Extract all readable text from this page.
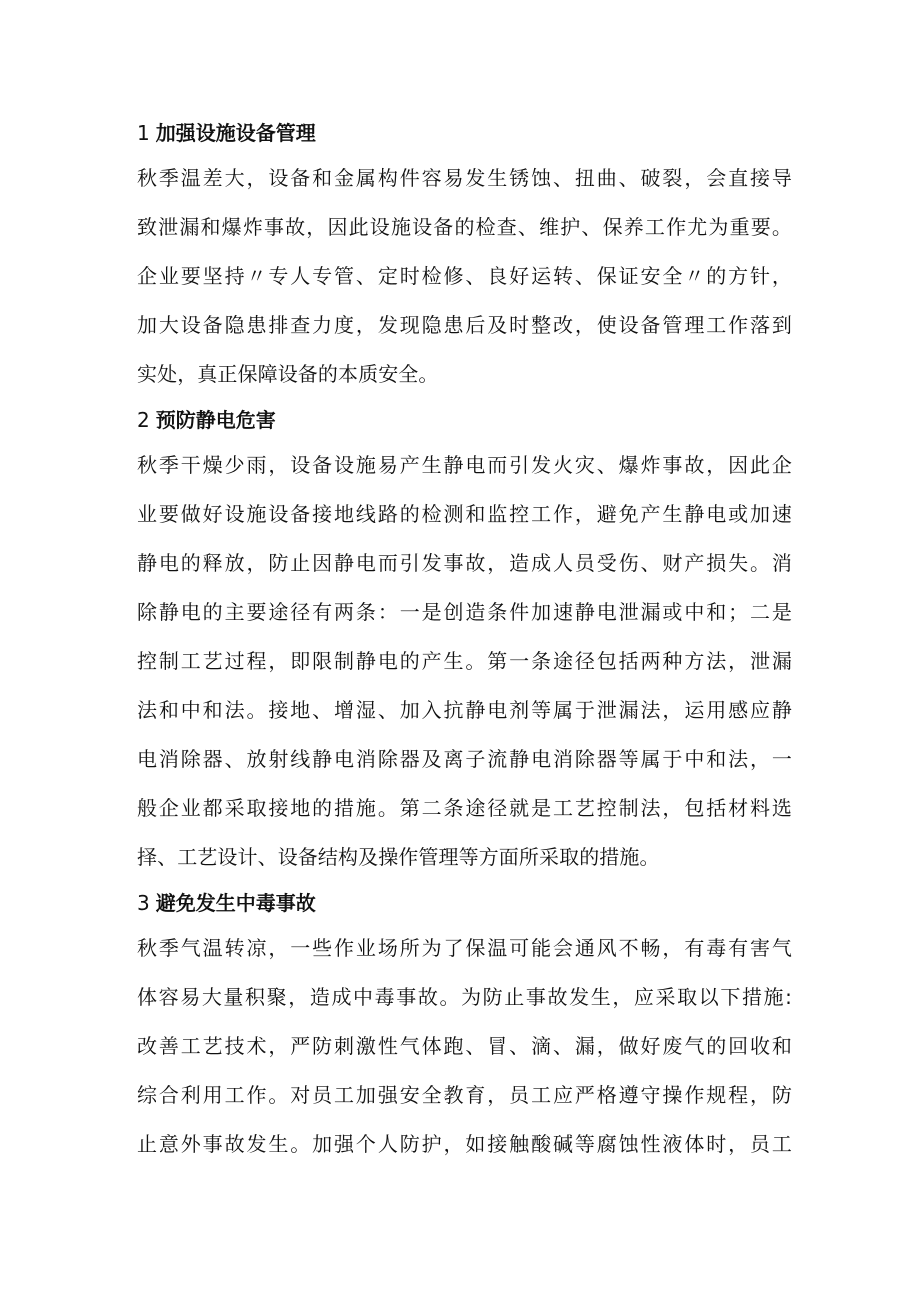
1 加强设施设备管理
秋季温差大，设备和金属构件容易发生锈蚀、扭曲、破裂，会直接导
致泄漏和爆炸事故，因此设施设备的检查、维护、保养工作尤为重要。
企业要坚持〃专人专管、定时检修、良好运转、保证安全〃的方针，
加大设备隐患排查力度，发现隐患后及时整改，使设备管理工作落到
实处，真正保障设备的本质安全。
2 预防静电危害
秋季干燥少雨，设备设施易产生静电而引发火灾、爆炸事故，因此企
业要做好设施设备接地线路的检测和监控工作，避免产生静电或加速
静电的释放，防止因静电而引发事故，造成人员受伤、财产损失。消
除静电的主要途径有两条：一是创造条件加速静电泄漏或中和；二是
控制工艺过程，即限制静电的产生。第一条途径包括两种方法，泄漏
法和中和法。接地、增湿、加入抗静电剂等属于泄漏法，运用感应静
电消除器、放射线静电消除器及离子流静电消除器等属于中和法，一
般企业都采取接地的措施。第二条途径就是工艺控制法，包括材料选
择、工艺设计、设备结构及操作管理等方面所采取的措施。
3 避免发生中毒事故
秋季气温转凉，一些作业场所为了保温可能会通风不畅，有毒有害气
体容易大量积聚，造成中毒事故。为防止事故发生，应采取以下措施:
改善工艺技术，严防刺激性气体跑、冒、滴、漏，做好废气的回收和
综合利用工作。对员工加强安全教育，员工应严格遵守操作规程，防
止意外事故发生。加强个人防护，如接触酸碱等腐蚀性液体时，员工
